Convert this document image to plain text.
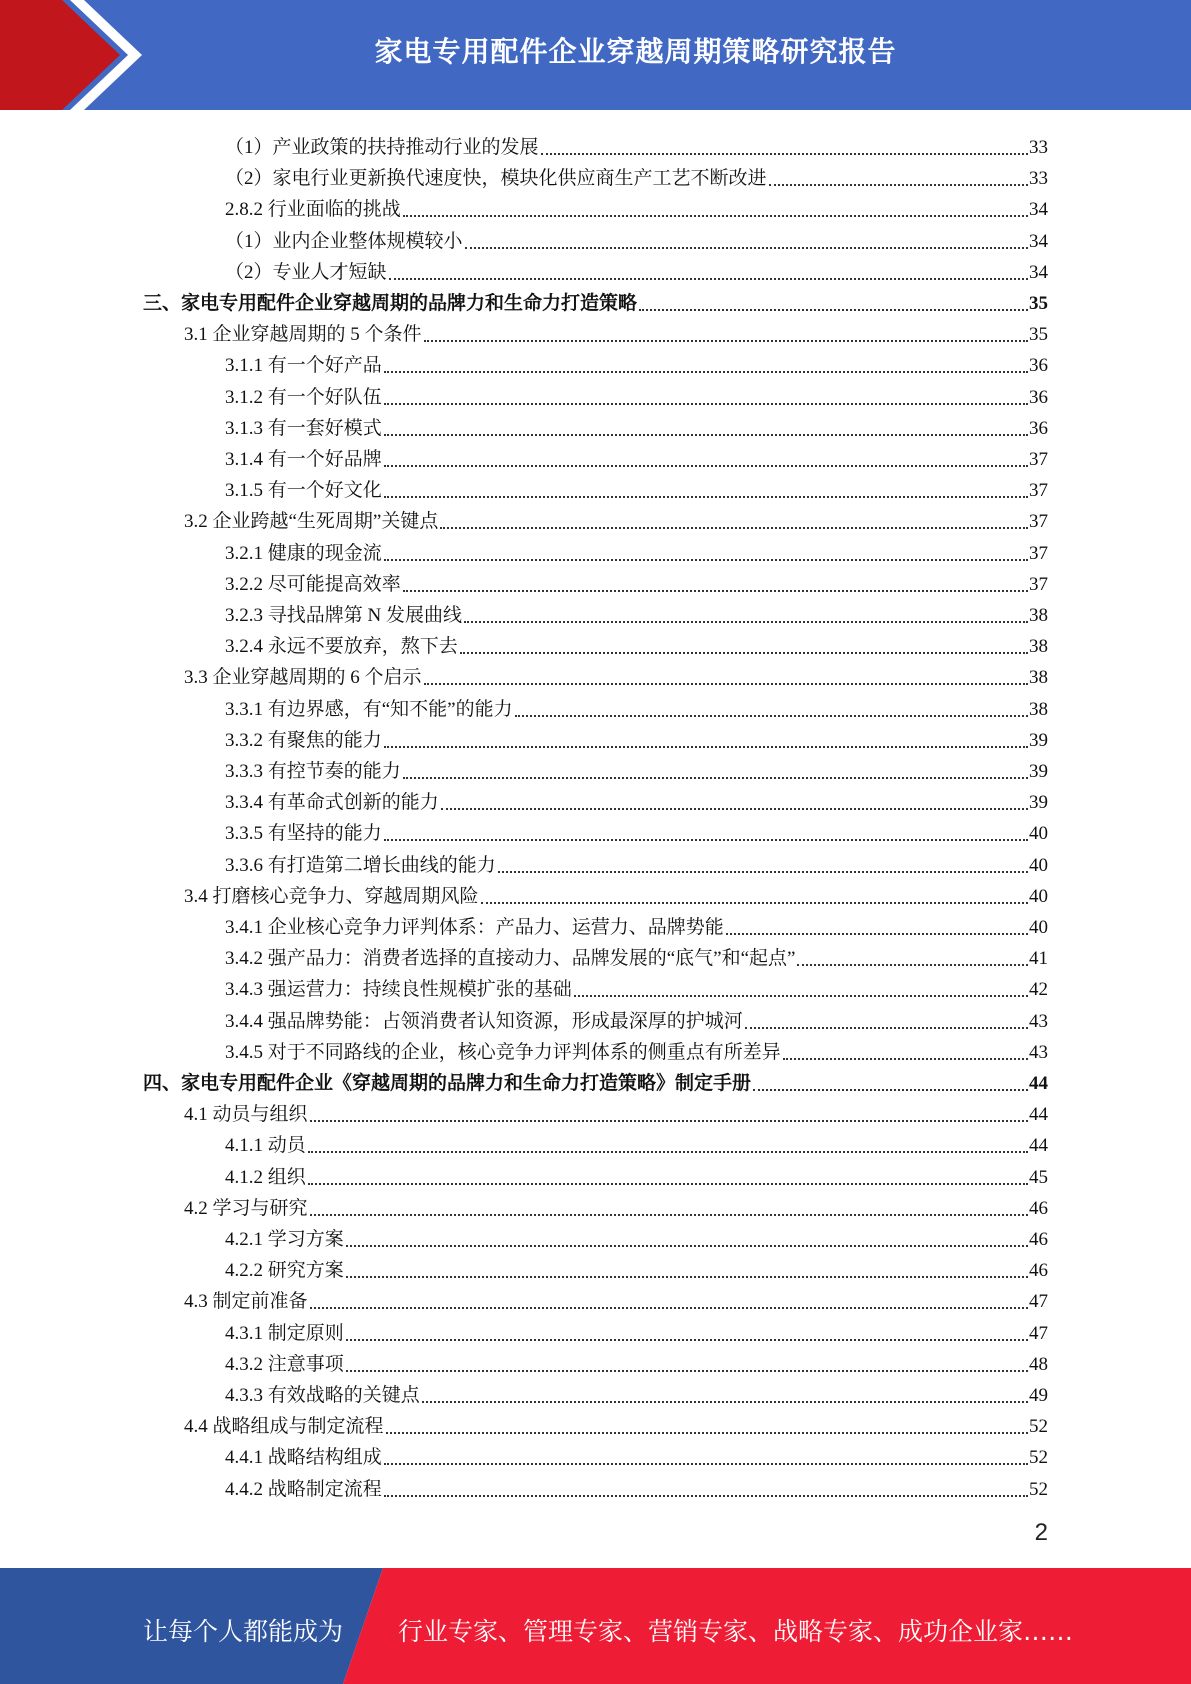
家电专用配件企业穿越周期策略研究报告
（1）产业政策的扶持推动行业的发展	33
（2）家电行业更新换代速度快，模块化供应商生产工艺不断改进	33
2.8.2 行业面临的挑战	34
（1）业内企业整体规模较小	34
（2）专业人才短缺	34
三、家电专用配件企业穿越周期的品牌力和生命力打造策略	35
3.1 企业穿越周期的 5 个条件	35
3.1.1 有一个好产品	36
3.1.2 有一个好队伍	36
3.1.3 有一套好模式	36
3.1.4 有一个好品牌	37
3.1.5 有一个好文化	37
3.2 企业跨越“生死周期”关键点	37
3.2.1 健康的现金流	37
3.2.2 尽可能提高效率	37
3.2.3 寻找品牌第 N 发展曲线	38
3.2.4 永远不要放弃，熬下去	38
3.3 企业穿越周期的 6 个启示	38
3.3.1 有边界感，有“知不能”的能力	38
3.3.2 有聚焦的能力	39
3.3.3 有控节奏的能力	39
3.3.4 有革命式创新的能力	39
3.3.5 有坚持的能力	40
3.3.6 有打造第二增长曲线的能力	40
3.4 打磨核心竞争力、穿越周期风险	40
3.4.1 企业核心竞争力评判体系：产品力、运营力、品牌势能	40
3.4.2 强产品力：消费者选择的直接动力、品牌发展的“底气”和“起点”	41
3.4.3 强运营力：持续良性规模扩张的基础	42
3.4.4 强品牌势能：占领消费者认知资源，形成最深厚的护城河	43
3.4.5 对于不同路线的企业，核心竞争力评判体系的侧重点有所差异	43
四、家电专用配件企业《穿越周期的品牌力和生命力打造策略》制定手册	44
4.1 动员与组织	44
4.1.1 动员	44
4.1.2 组织	45
4.2 学习与研究	46
4.2.1 学习方案	46
4.2.2 研究方案	46
4.3 制定前准备	47
4.3.1 制定原则	47
4.3.2 注意事项	48
4.3.3 有效战略的关键点	49
4.4 战略组成与制定流程	52
4.4.1 战略结构组成	52
4.4.2 战略制定流程	52
2
让每个人都能成为 行业专家、管理专家、营销专家、战略专家、成功企业家……
